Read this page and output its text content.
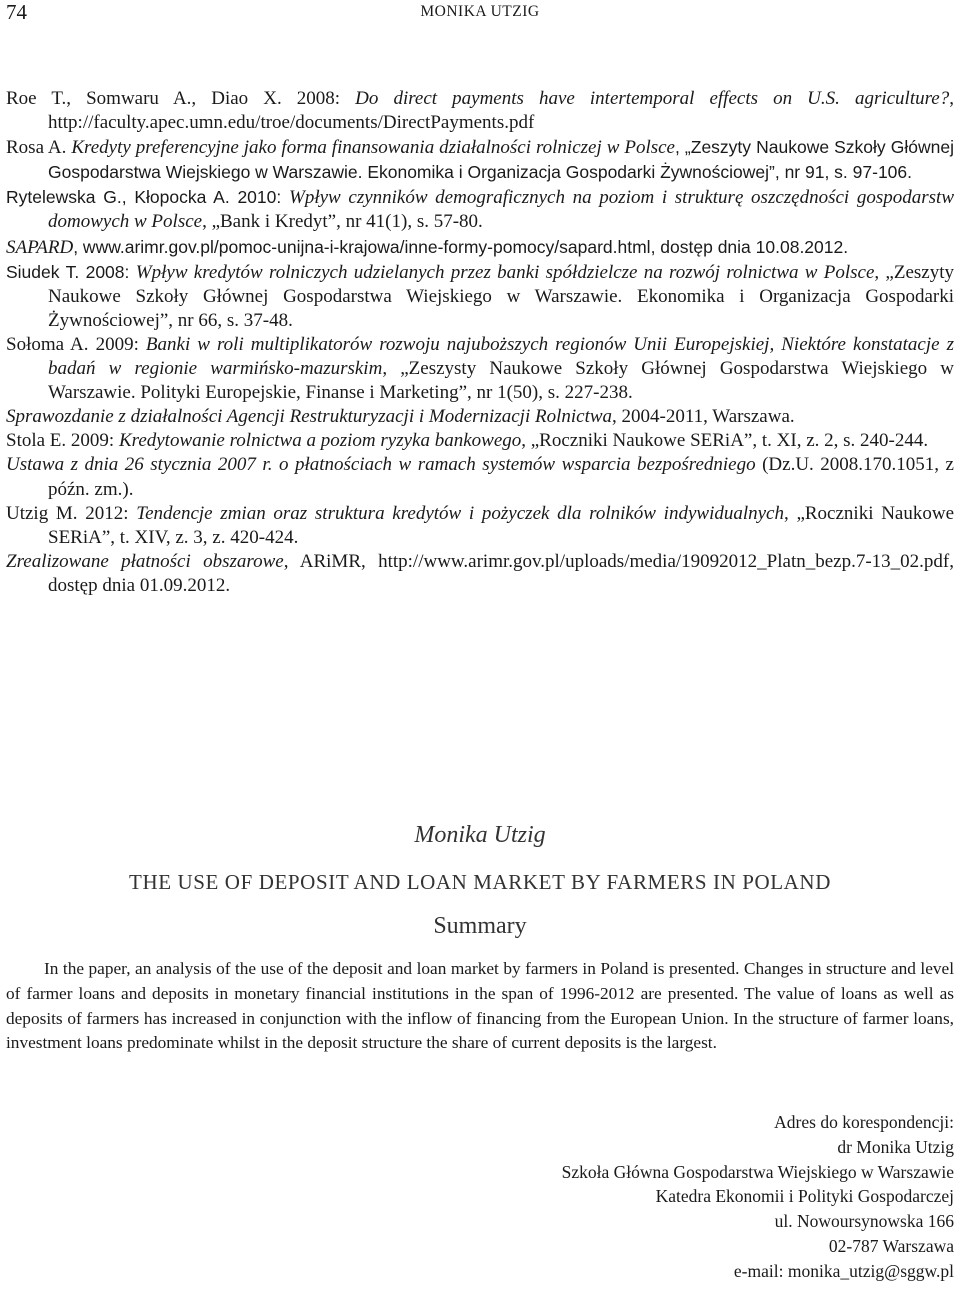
74	MONIKA UTZIG

Roe T., Somwaru A., Diao X. 2008: Do direct payments have intertemporal effects on U.S. agriculture?, http://faculty.apec.umn.edu/troe/documents/DirectPayments.pdf

Rosa A. Kredyty preferencyjne jako forma finansowania działalności rolniczej w Polsce, „Zeszyty Naukowe Szkoły Głównej Gospodarstwa Wiejskiego w Warszawie. Ekonomika i Organizacja Gospodarki Żywnościowej”, nr 91, s. 97-106.

Rytelewska G., Kłopocka A. 2010: Wpływ czynników demograficznych na poziom i strukturę oszczędności gospodarstw domowych w Polsce, „Bank i Kredyt”, nr 41(1), s. 57-80.

SAPARD, www.arimr.gov.pl/pomoc-unijna-i-krajowa/inne-formy-pomocy/sapard.html, dostęp dnia 10.08.2012.

Siudek T. 2008: Wpływ kredytów rolniczych udzielanych przez banki spółdzielcze na rozwój rolnictwa w Polsce, „Zeszyty Naukowe Szkoły Głównej Gospodarstwa Wiejskiego w Warszawie. Ekonomika i Organizacja Gospodarki Żywnościowej”, nr 66, s. 37-48.

Sołoma A. 2009: Banki w roli multiplikatorów rozwoju najuboższych regionów Unii Europejskiej, Niektóre konstatacje z badań w regionie warmińsko-mazurskim, „Zeszysty Naukowe Szkoły Głównej Gospodarstwa Wiejskiego w Warszawie. Polityki Europejskie, Finanse i Marketing”, nr 1(50), s. 227-238.

Sprawozdanie z działalności Agencji Restrukturyzacji i Modernizacji Rolnictwa, 2004-2011, Warszawa.

Stola E. 2009: Kredytowanie rolnictwa a poziom ryzyka bankowego, „Roczniki Naukowe SERiA”, t. XI, z. 2, s. 240-244.

Ustawa z dnia 26 stycznia 2007 r. o płatnościach w ramach systemów wsparcia bezpośredniego (Dz.U. 2008.170.1051, z późn. zm.).

Utzig M. 2012: Tendencje zmian oraz struktura kredytów i pożyczek dla rolników indywidualnych, „Roczniki Naukowe SERiA”, t. XIV, z. 3, z. 420-424.

Zrealizowane płatności obszarowe, ARiMR, http://www.arimr.gov.pl/uploads/media/19092012_Platn_bezp.7-13_02.pdf, dostęp dnia 01.09.2012.

Monika Utzig
THE USE OF DEPOSIT AND LOAN MARKET BY FARMERS IN POLAND
Summary

In the paper, an analysis of the use of the deposit and loan market by farmers in Poland is presented. Changes in structure and level of farmer loans and deposits in monetary financial institutions in the span of 1996-2012 are presented. The value of loans as well as deposits of farmers has increased in conjunction with the inflow of financing from the European Union. In the structure of farmer loans, investment loans predominate whilst in the deposit structure the share of current deposits is the largest.

Adres do korespondencji:
dr Monika Utzig
Szkoła Główna Gospodarstwa Wiejskiego w Warszawie
Katedra Ekonomii i Polityki Gospodarczej
ul. Nowoursynowska 166
02-787 Warszawa
e-mail: monika_utzig@sggw.pl
